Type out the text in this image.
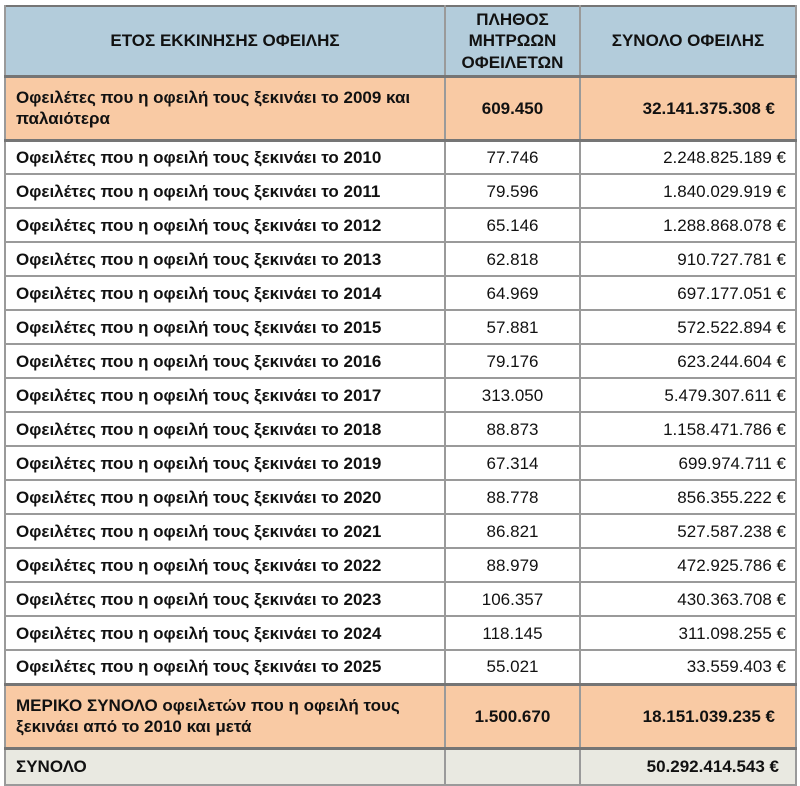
ΕΤΟΣ ΕΚΚΙΝΗΣΗΣ ΟΦΕΙΛΗΣ	ΠΛΗΘΟΣ ΜΗΤΡΩΩΝ ΟΦΕΙΛΕΤΩΝ	ΣΥΝΟΛΟ ΟΦΕΙΛΗΣ
Οφειλέτες που η οφειλή τους ξεκινάει το 2009 και παλαιότερα	609.450	32.141.375.308 €
Οφειλέτες που η οφειλή τους ξεκινάει το 2010	77.746	2.248.825.189 €
Οφειλέτες που η οφειλή τους ξεκινάει το 2011	79.596	1.840.029.919 €
Οφειλέτες που η οφειλή τους ξεκινάει το 2012	65.146	1.288.868.078 €
Οφειλέτες που η οφειλή τους ξεκινάει το 2013	62.818	910.727.781 €
Οφειλέτες που η οφειλή τους ξεκινάει το 2014	64.969	697.177.051 €
Οφειλέτες που η οφειλή τους ξεκινάει το 2015	57.881	572.522.894 €
Οφειλέτες που η οφειλή τους ξεκινάει το 2016	79.176	623.244.604 €
Οφειλέτες που η οφειλή τους ξεκινάει το 2017	313.050	5.479.307.611 €
Οφειλέτες που η οφειλή τους ξεκινάει το 2018	88.873	1.158.471.786 €
Οφειλέτες που η οφειλή τους ξεκινάει το 2019	67.314	699.974.711 €
Οφειλέτες που η οφειλή τους ξεκινάει το 2020	88.778	856.355.222 €
Οφειλέτες που η οφειλή τους ξεκινάει το 2021	86.821	527.587.238 €
Οφειλέτες που η οφειλή τους ξεκινάει το 2022	88.979	472.925.786 €
Οφειλέτες που η οφειλή τους ξεκινάει το 2023	106.357	430.363.708 €
Οφειλέτες που η οφειλή τους ξεκινάει το 2024	118.145	311.098.255 €
Οφειλέτες που η οφειλή τους ξεκινάει το 2025	55.021	33.559.403 €
ΜΕΡΙΚΟ ΣΥΝΟΛΟ οφειλετών που η οφειλή τους ξεκινάει από το 2010 και μετά	1.500.670	18.151.039.235 €
ΣΥΝΟΛΟ		50.292.414.543 €
